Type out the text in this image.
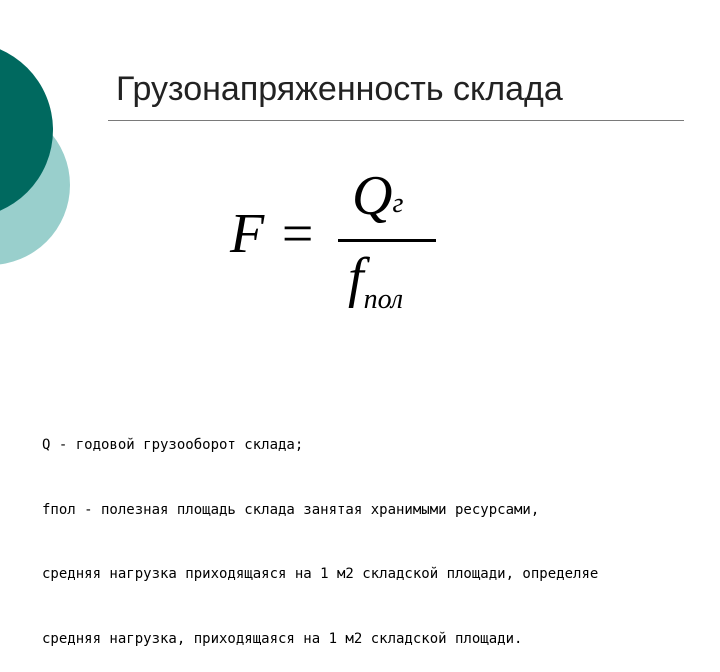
Грузонапряженность склада
F =
Qг
$f_{пол}$

Q - годовой грузооборот склада;

fпол - полезная площадь склада занятая хранимыми ресурсами,

средняя нагрузка приходящаяся на 1 м2 складской площади, определяе

средняя нагрузка, приходящаяся на 1 м2 складской площади.
